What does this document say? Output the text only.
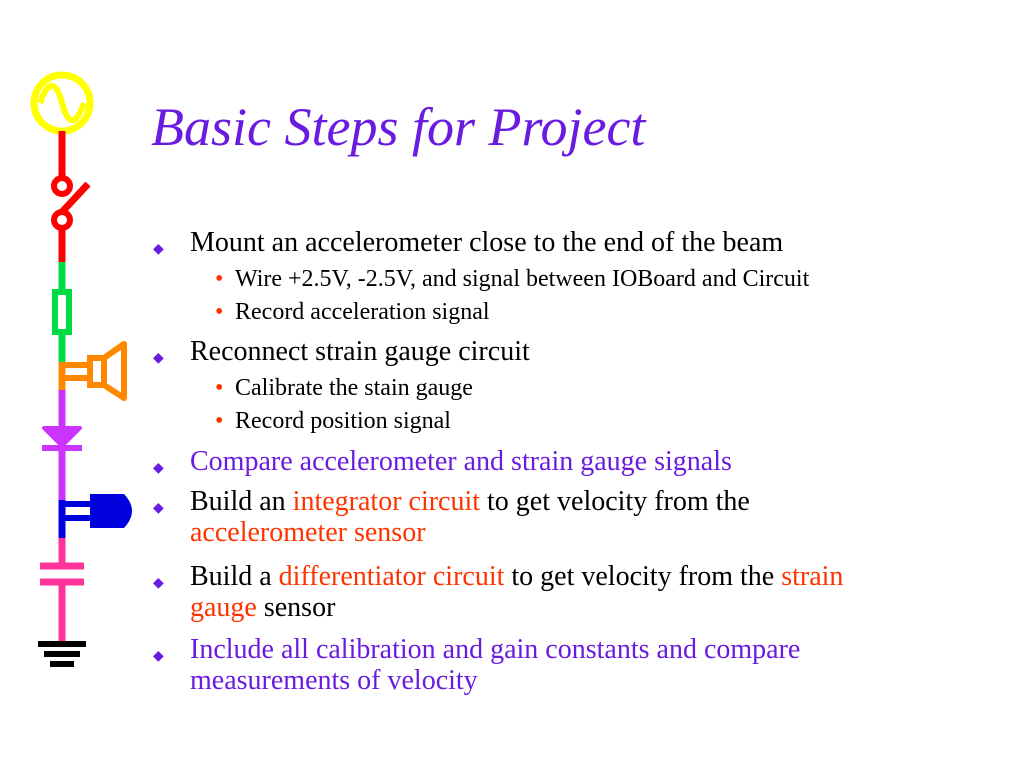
Basic Steps for Project
◆ Mount an accelerometer close to the end of the beam
• Wire +2.5V, -2.5V, and signal between IOBoard and Circuit
• Record acceleration signal
◆ Reconnect strain gauge circuit
• Calibrate the stain gauge
• Record position signal
◆ Compare accelerometer and strain gauge signals
◆ Build an integrator circuit to get velocity from the
accelerometer sensor
◆ Build a differentiator circuit to get velocity from the strain
gauge sensor
◆ Include all calibration and gain constants and compare
measurements of velocity
